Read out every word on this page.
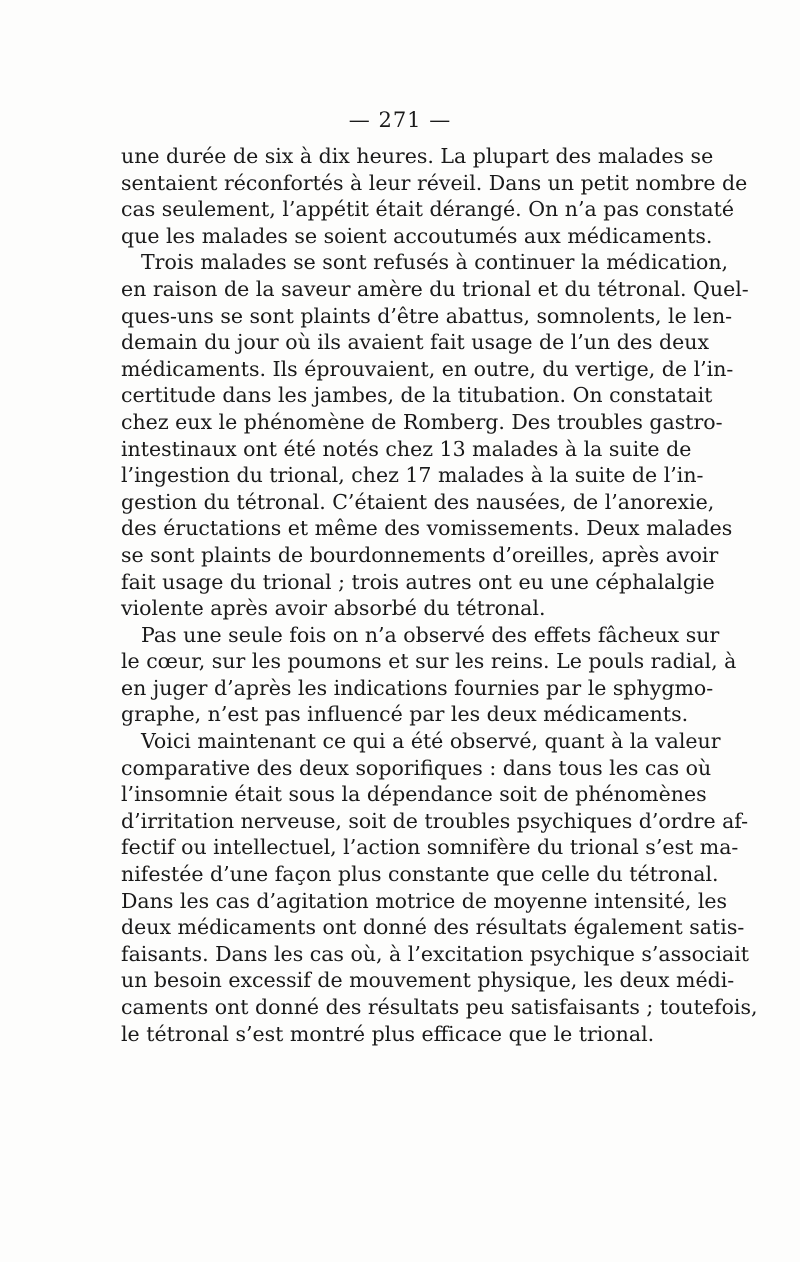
— 271 —
une durée de six à dix heures. La plupart des malades se
sentaient réconfortés à leur réveil. Dans un petit nombre de
cas seulement, l’appétit était dérangé. On n’a pas constaté
que les malades se soient accoutumés aux médicaments.
Trois malades se sont refusés à continuer la médication,
en raison de la saveur amère du trional et du tétronal. Quel-
ques-uns se sont plaints d’être abattus, somnolents, le len-
demain du jour où ils avaient fait usage de l’un des deux
médicaments. Ils éprouvaient, en outre, du vertige, de l’in-
certitude dans les jambes, de la titubation. On constatait
chez eux le phénomène de Romberg. Des troubles gastro-
intestinaux ont été notés chez 13 malades à la suite de
l’ingestion du trional, chez 17 malades à la suite de l’in-
gestion du tétronal. C’étaient des nausées, de l’anorexie,
des éructations et même des vomissements. Deux malades
se sont plaints de bourdonnements d’oreilles, après avoir
fait usage du trional ; trois autres ont eu une céphalalgie
violente après avoir absorbé du tétronal.
Pas une seule fois on n’a observé des effets fâcheux sur
le cœur, sur les poumons et sur les reins. Le pouls radial, à
en juger d’après les indications fournies par le sphygmo-
graphe, n’est pas influencé par les deux médicaments.
Voici maintenant ce qui a été observé, quant à la valeur
comparative des deux soporifiques : dans tous les cas où
l’insomnie était sous la dépendance soit de phénomènes
d’irritation nerveuse, soit de troubles psychiques d’ordre af-
fectif ou intellectuel, l’action somnifère du trional s’est ma-
nifestée d’une façon plus constante que celle du tétronal.
Dans les cas d’agitation motrice de moyenne intensité, les
deux médicaments ont donné des résultats également satis-
faisants. Dans les cas où, à l’excitation psychique s’associait
un besoin excessif de mouvement physique, les deux médi-
caments ont donné des résultats peu satisfaisants ; toutefois,
le tétronal s’est montré plus efficace que le trional.
